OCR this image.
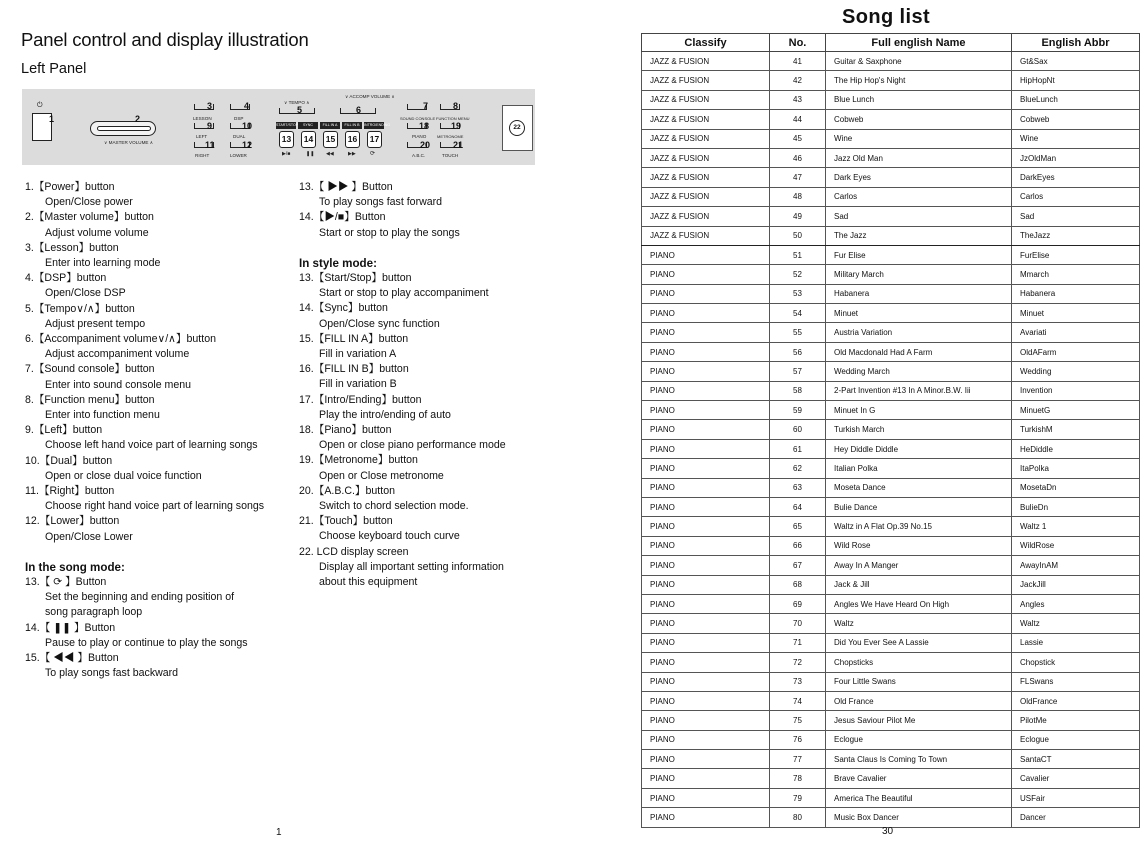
Panel control and display illustration
Left Panel
⏻
1	2
∨ MASTER VOLUME ∧
3	4
LESSON	DSP
9	10
LEFT	DUAL
11	12
RIGHT	LOWER
∨ TEMPO ∧
5
∨ ACCOMP VOLUME ∧
6
START/STOP	SYNC	FILL IN A	FILL IN B	INTRO/ENDING
13	14	15	16	17
▶/■	❚❚ ◀◀	▶▶ ⟳
7	8
SOUND CONSOLE FUNCTION MENU
18 19
PIANO	METRONOME
20	21
A.B.C.	TOUCH
22
1.【Power】button
Open/Close power
2.【Master volume】button
Adjust volume volume
3.【Lesson】button
Enter into learning mode
4.【DSP】button
Open/Close DSP
5.【Tempo∨/∧】button
Adjust present tempo
6.【Accompaniment volume∨/∧】button
Adjust accompaniment volume
7.【Sound console】button
Enter into sound console menu
8.【Function menu】button
Enter into function menu
9.【Left】button
Choose left hand voice part of learning songs
10.【Dual】button
Open or close dual voice function
11.【Right】button
Choose right hand voice part of learning songs
12.【Lower】button
Open/Close Lower
In the song mode:
13.【 ⟳ 】Button
Set the beginning and ending position of
song paragraph loop
14.【 ❚❚ 】Button
Pause to play or continue to play the songs
15.【 ◀◀ 】Button
To play songs fast backward
13.【 ▶▶ 】Button
To play songs fast forward
14.【▶/■】Button
Start or stop to play the songs
In style mode:
13.【Start/Stop】button
Start or stop to play accompaniment
14.【Sync】button
Open/Close sync function
15.【FILL IN A】button
Fill in variation A
16.【FILL IN B】button
Fill in variation B
17.【Intro/Ending】button
Play the intro/ending of auto
18.【Piano】button
Open or close piano performance mode
19.【Metronome】button
Open or Close metronome
20.【A.B.C.】button
Switch to chord selection mode.
21.【Touch】button
Choose keyboard touch curve
22. LCD display screen
Display all important setting information
about this equipment
1
Song list
Classify	No.	Full english Name	English Abbr
JAZZ & FUSION	41	Guitar & Saxphone	Gt&Sax
JAZZ & FUSION	42	The Hip Hop's Night	HipHopNt
JAZZ & FUSION	43	Blue Lunch	BlueLunch
JAZZ & FUSION	44	Cobweb	Cobweb
JAZZ & FUSION	45	Wine	Wine
JAZZ & FUSION	46	Jazz Old Man	JzOldMan
JAZZ & FUSION	47	Dark Eyes	DarkEyes
JAZZ & FUSION	48	Carlos	Carlos
JAZZ & FUSION	49	Sad	Sad
JAZZ & FUSION	50	The Jazz	TheJazz
PIANO	51	Fur Elise	FurElise
PIANO	52	Military March	Mmarch
PIANO	53	Habanera	Habanera
PIANO	54	Minuet	Minuet
PIANO	55	Austria Variation	Avariati
PIANO	56	Old Macdonald Had A Farm	OldAFarm
PIANO	57	Wedding March	Wedding
PIANO	58	2-Part Invention #13 In A Minor.B.W. Iii	Invention
PIANO	59	Minuet In G	MinuetG
PIANO	60	Turkish March	TurkishM
PIANO	61	Hey Diddle Diddle	HeDiddle
PIANO	62	Italian Polka	ItaPolka
PIANO	63	Moseta Dance	MosetaDn
PIANO	64	Bulie Dance	BulieDn
PIANO	65	Waltz in A Flat Op.39 No.15	Waltz 1
PIANO	66	Wild Rose	WildRose
PIANO	67	Away In A Manger	AwayInAM
PIANO	68	Jack & Jill	JackJill
PIANO	69	Angles We Have Heard On High	Angles
PIANO	70	Waltz	Waltz
PIANO	71	Did You Ever See A Lassie	Lassie
PIANO	72	Chopsticks	Chopstick
PIANO	73	Four Little Swans	FLSwans
PIANO	74	Old France	OldFrance
PIANO	75	Jesus Saviour Pilot Me	PilotMe
PIANO	76	Eclogue	Eclogue
PIANO	77	Santa Claus Is Coming To Town	SantaCT
PIANO	78	Brave Cavalier	Cavalier
PIANO	79	America The Beautiful	USFair
PIANO	80	Music Box Dancer	Dancer
30
